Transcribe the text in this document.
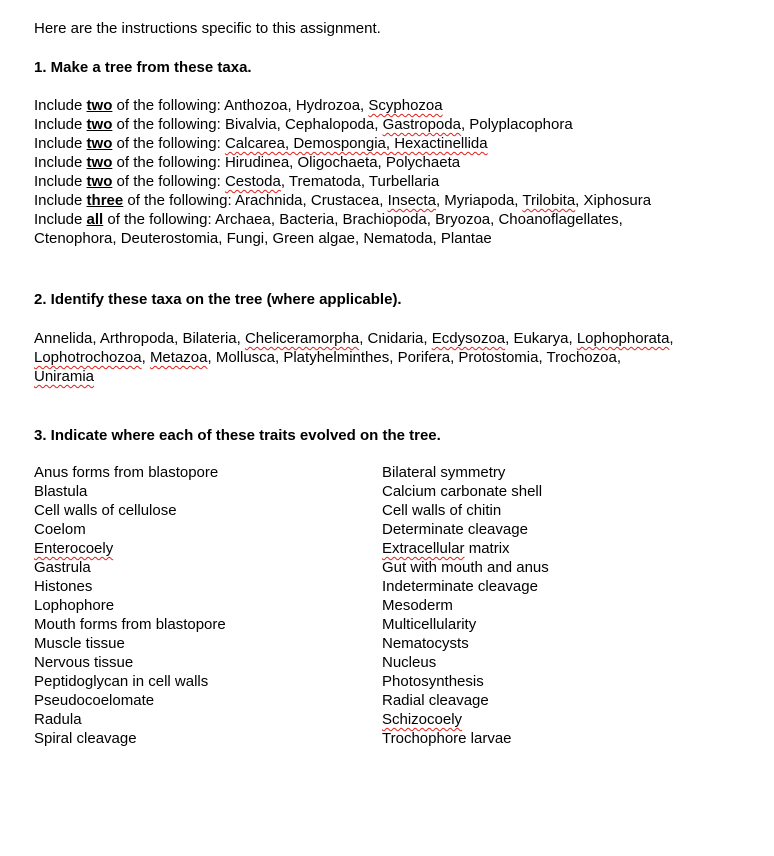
Here are the instructions specific to this assignment.
1. Make a tree from these taxa.
Include two of the following: Anthozoa, Hydrozoa, Scyphozoa
Include two of the following: Bivalvia, Cephalopoda, Gastropoda, Polyplacophora
Include two of the following: Calcarea, Demospongia, Hexactinellida
Include two of the following: Hirudinea, Oligochaeta, Polychaeta
Include two of the following: Cestoda, Trematoda, Turbellaria
Include three of the following: Arachnida, Crustacea, Insecta, Myriapoda, Trilobita, Xiphosura
Include all of the following: Archaea, Bacteria, Brachiopoda, Bryozoa, Choanoflagellates,
Ctenophora, Deuterostomia, Fungi, Green algae, Nematoda, Plantae
2. Identify these taxa on the tree (where applicable).
Annelida, Arthropoda, Bilateria, Cheliceramorpha, Cnidaria, Ecdysozoa, Eukarya, Lophophorata,
Lophotrochozoa, Metazoa, Mollusca, Platyhelminthes, Porifera, Protostomia, Trochozoa,
Uniramia
3. Indicate where each of these traits evolved on the tree.
Anus forms from blastopore
Blastula
Cell walls of cellulose
Coelom
Enterocoely
Gastrula
Histones
Lophophore
Mouth forms from blastopore
Muscle tissue
Nervous tissue
Peptidoglycan in cell walls
Pseudocoelomate
Radula
Spiral cleavage
Bilateral symmetry
Calcium carbonate shell
Cell walls of chitin
Determinate cleavage
Extracellular matrix
Gut with mouth and anus
Indeterminate cleavage
Mesoderm
Multicellularity
Nematocysts
Nucleus
Photosynthesis
Radial cleavage
Schizocoely
Trochophore larvae
